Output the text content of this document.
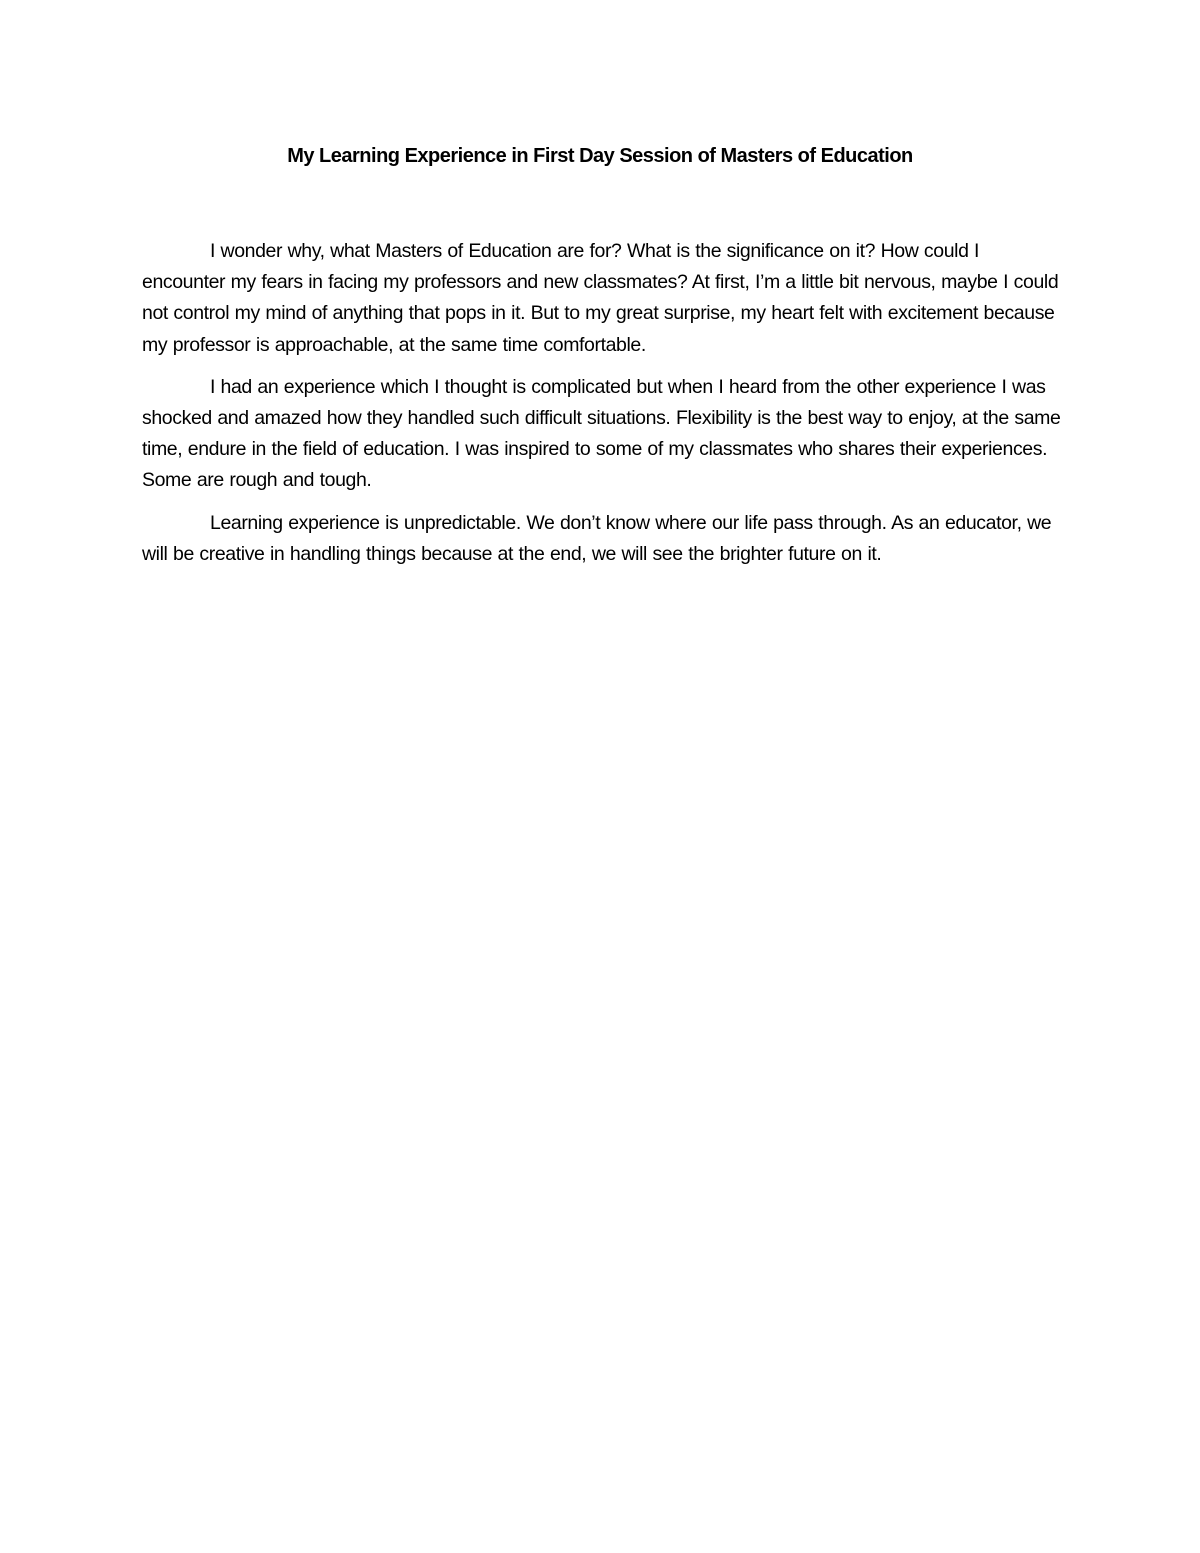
My Learning Experience in First Day Session of Masters of Education

I wonder why, what Masters of Education are for? What is the significance on it? How could I encounter my fears in facing my professors and new classmates? At first, I’m a little bit nervous, maybe I could not control my mind of anything that pops in it. But to my great surprise, my heart felt with excitement because my professor is approachable, at the same time comfortable.

I had an experience which I thought is complicated but when I heard from the other experience I was shocked and amazed how they handled such difficult situations. Flexibility is the best way to enjoy, at the same time, endure in the field of education. I was inspired to some of my classmates who shares their experiences. Some are rough and tough.

Learning experience is unpredictable. We don’t know where our life pass through. As an educator, we will be creative in handling things because at the end, we will see the brighter future on it.
